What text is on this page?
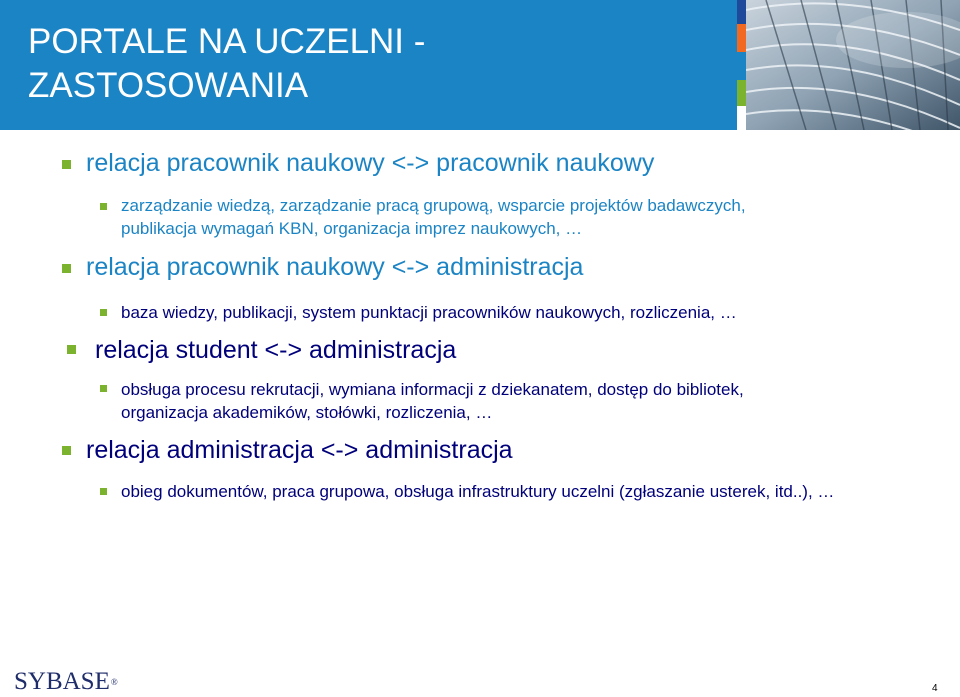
PORTALE NA UCZELNI -
ZASTOSOWANIA
relacja pracownik naukowy <-> pracownik naukowy
zarządzanie wiedzą, zarządzanie pracą grupową, wsparcie projektów badawczych, publikacja wymagań KBN, organizacja imprez naukowych, …
relacja pracownik naukowy <-> administracja
baza wiedzy, publikacji, system punktacji pracowników naukowych, rozliczenia, …
relacja student <-> administracja
obsługa procesu rekrutacji, wymiana informacji z dziekanatem, dostęp do bibliotek, organizacja akademików, stołówki, rozliczenia, …
relacja administracja <-> administracja
obieg dokumentów, praca grupowa, obsługa infrastruktury uczelni (zgłaszanie usterek, itd..), …
SYBASE®
4
